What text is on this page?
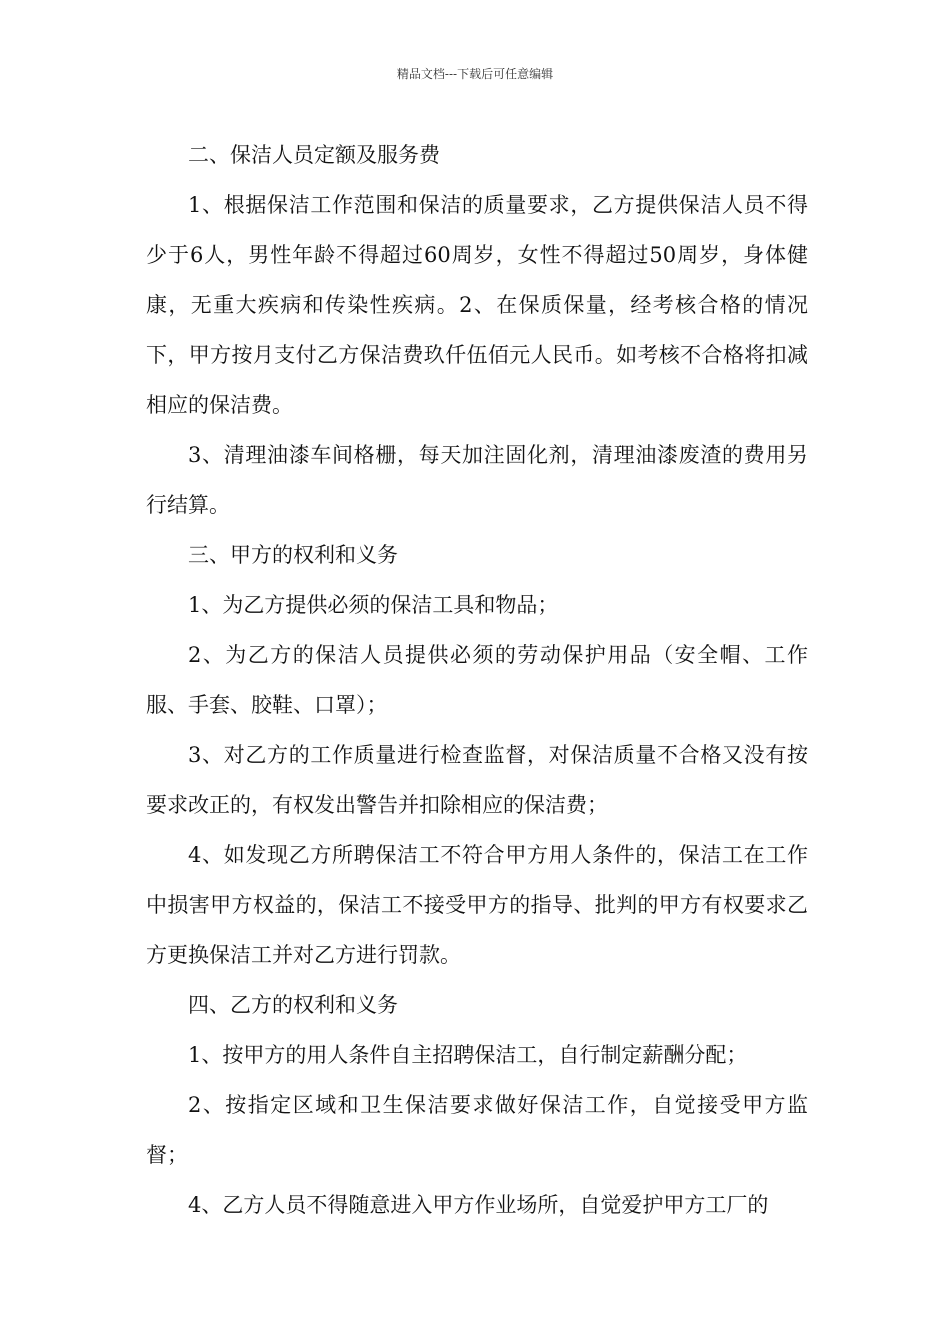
精品文档---下载后可任意编辑

二、保洁人员定额及服务费

1、根据保洁工作范围和保洁的质量要求，乙方提供保洁人员不得少于6人，男性年龄不得超过60周岁，女性不得超过50周岁，身体健康，无重大疾病和传染性疾病。2、在保质保量，经考核合格的情况下，甲方按月支付乙方保洁费玖仟伍佰元人民币。如考核不合格将扣减相应的保洁费。

3、清理油漆车间格栅，每天加注固化剂，清理油漆废渣的费用另行结算。

三、甲方的权利和义务

1、为乙方提供必须的保洁工具和物品；

2、为乙方的保洁人员提供必须的劳动保护用品（安全帽、工作服、手套、胶鞋、口罩）；

3、对乙方的工作质量进行检查监督，对保洁质量不合格又没有按要求改正的，有权发出警告并扣除相应的保洁费；

4、如发现乙方所聘保洁工不符合甲方用人条件的，保洁工在工作中损害甲方权益的，保洁工不接受甲方的指导、批判的甲方有权要求乙方更换保洁工并对乙方进行罚款。

四、乙方的权利和义务

1、按甲方的用人条件自主招聘保洁工，自行制定薪酬分配；

2、按指定区域和卫生保洁要求做好保洁工作，自觉接受甲方监督；

4、乙方人员不得随意进入甲方作业场所，自觉爱护甲方工厂的
